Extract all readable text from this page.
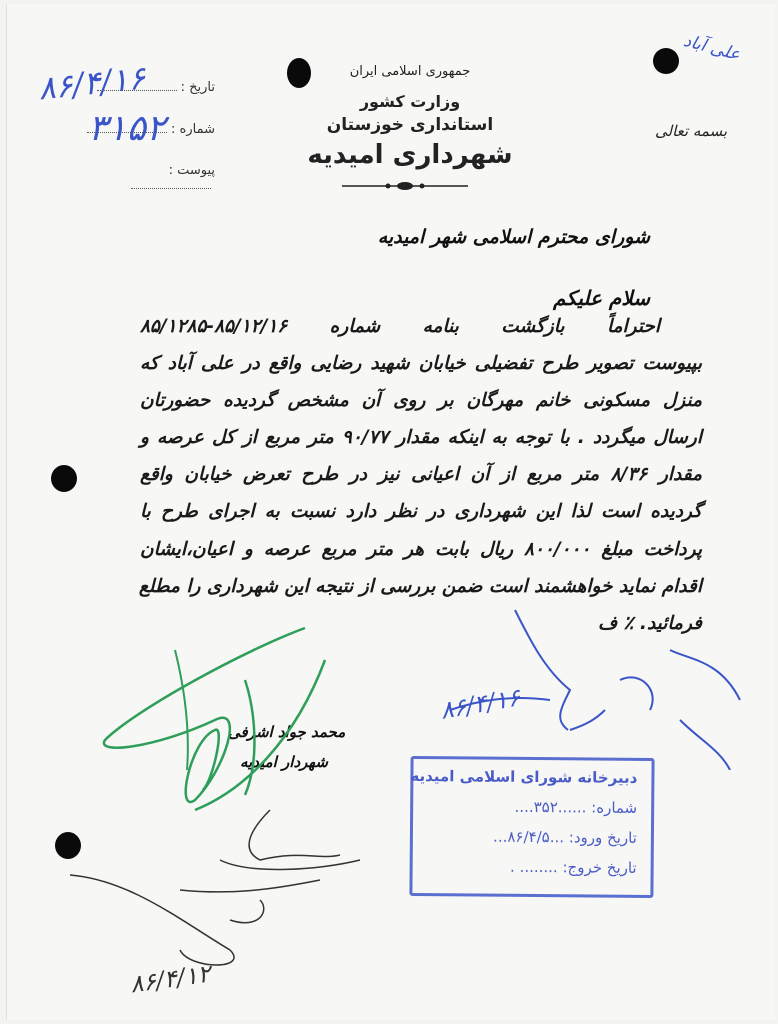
جمهوری اسلامی ایران
وزارت کشور
استانداری خوزستان
شهرداری امیدیه
بسمه تعالی
علی آباد
تاریخ :
شماره :
پیوست :
۸۶/۴/۱۶
۳۱۵۲
شورای محترم اسلامی شهر امیدیه
سلام علیکم
احتراماً بازگشت بنامه شماره ۸۵/۱۲/۱۶-۸۵/۱۲۸۵
بپیوست تصویر طرح تفضیلی خیابان شهید رضایی واقع در علی آباد که
منزل مسکونی خانم مهرگان بر روی آن مشخص گردیده حضورتان
ارسال میگردد . با توجه به اینکه مقدار ۹۰/۷۷ متر مربع از کل عرصه و
مقدار ۸/۳۶ متر مربع از آن اعیانی نیز در طرح تعرض خیابان واقع
گردیده است لذا این شهرداری در نظر دارد نسبت به اجرای طرح با
پرداخت مبلغ ۸۰۰/۰۰۰ ریال بابت هر متر مربع عرصه و اعیان،ایشان
اقدام نماید خواهشمند است ضمن بررسی از نتیجه این شهرداری را مطلع
فرمائید. ٪ ف
محمد جواد اشرفی
شهردار امیدیه
۸۶/۴/۱۶
دبیرخانه شورای اسلامی امیدیه
شماره: ......۳۵۲....
تاریخ ورود: ...۸۶/۴/۵...
تاریخ خروج: ........ .
۸۶/۴/۱۲
